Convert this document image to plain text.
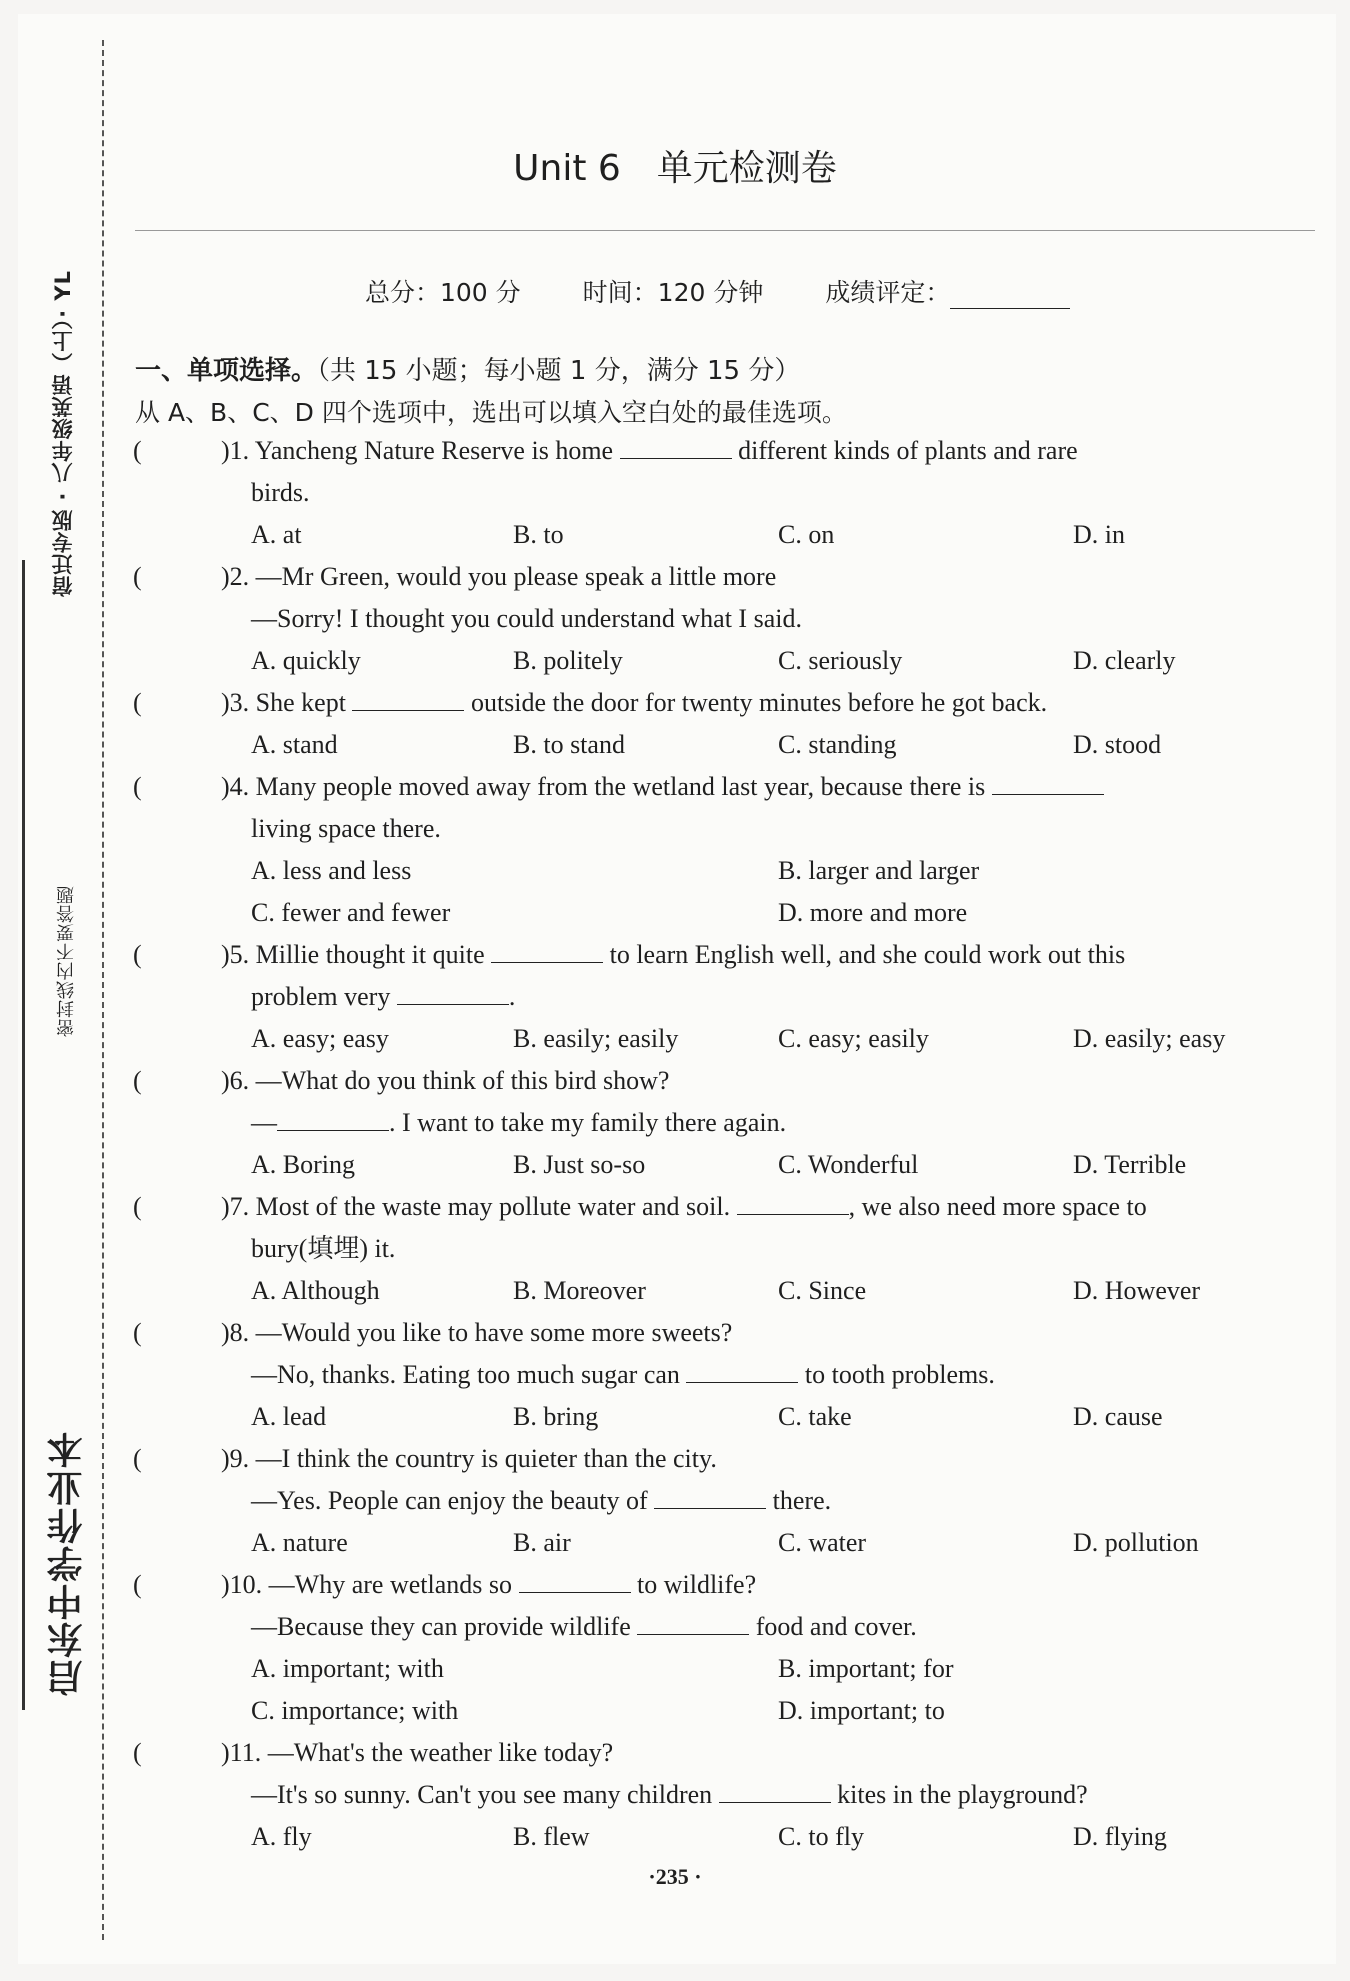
宿迁专版 · 八年级英语（上）· YL
密封线内不要答题
启东中学作业本
Unit 6　单元检测卷
总分：100 分 时间：120 分钟 成绩评定：
一、单项选择。（共 15 小题；每小题 1 分，满分 15 分）
从 A、B、C、D 四个选项中，选出可以填入空白处的最佳选项。
(	)1. Yancheng Nature Reserve is home	different kinds of plants and rare
birds.
A. at	B. to	C. on	D. in
(	)2. —Mr Green, would you please speak a little more
—Sorry! I thought you could understand what I said.
A. quickly	B. politely	C. seriously	D. clearly
(	)3. She kept	outside the door for twenty minutes before he got back.
A. stand	B. to stand	C. standing	D. stood
(	)4. Many people moved away from the wetland last year, because there is
living space there.
A. less and less	B. larger and larger
C. fewer and fewer	D. more and more
(	)5. Millie thought it quite	to learn English well, and she could work out this
problem very	.
A. easy; easy	B. easily; easily	C. easy; easily	D. easily; easy
(	)6. —What do you think of this bird show?
—	. I want to take my family there again.
A. Boring	B. Just so-so	C. Wonderful	D. Terrible
(	)7. Most of the waste may pollute water and soil.	, we also need more space to
bury(填埋) it.
A. Although	B. Moreover	C. Since	D. However
(	)8. —Would you like to have some more sweets?
—No, thanks. Eating too much sugar can	to tooth problems.
A. lead	B. bring	C. take	D. cause
(	)9. —I think the country is quieter than the city.
—Yes. People can enjoy the beauty of	there.
A. nature	B. air	C. water	D. pollution
(	)10. —Why are wetlands so	to wildlife?
—Because they can provide wildlife	food and cover.
A. important; with	B. important; for
C. importance; with	D. important; to
(	)11. —What's the weather like today?
—It's so sunny. Can't you see many children	kites in the playground?
A. fly	B. flew	C. to fly	D. flying
·235 ·
